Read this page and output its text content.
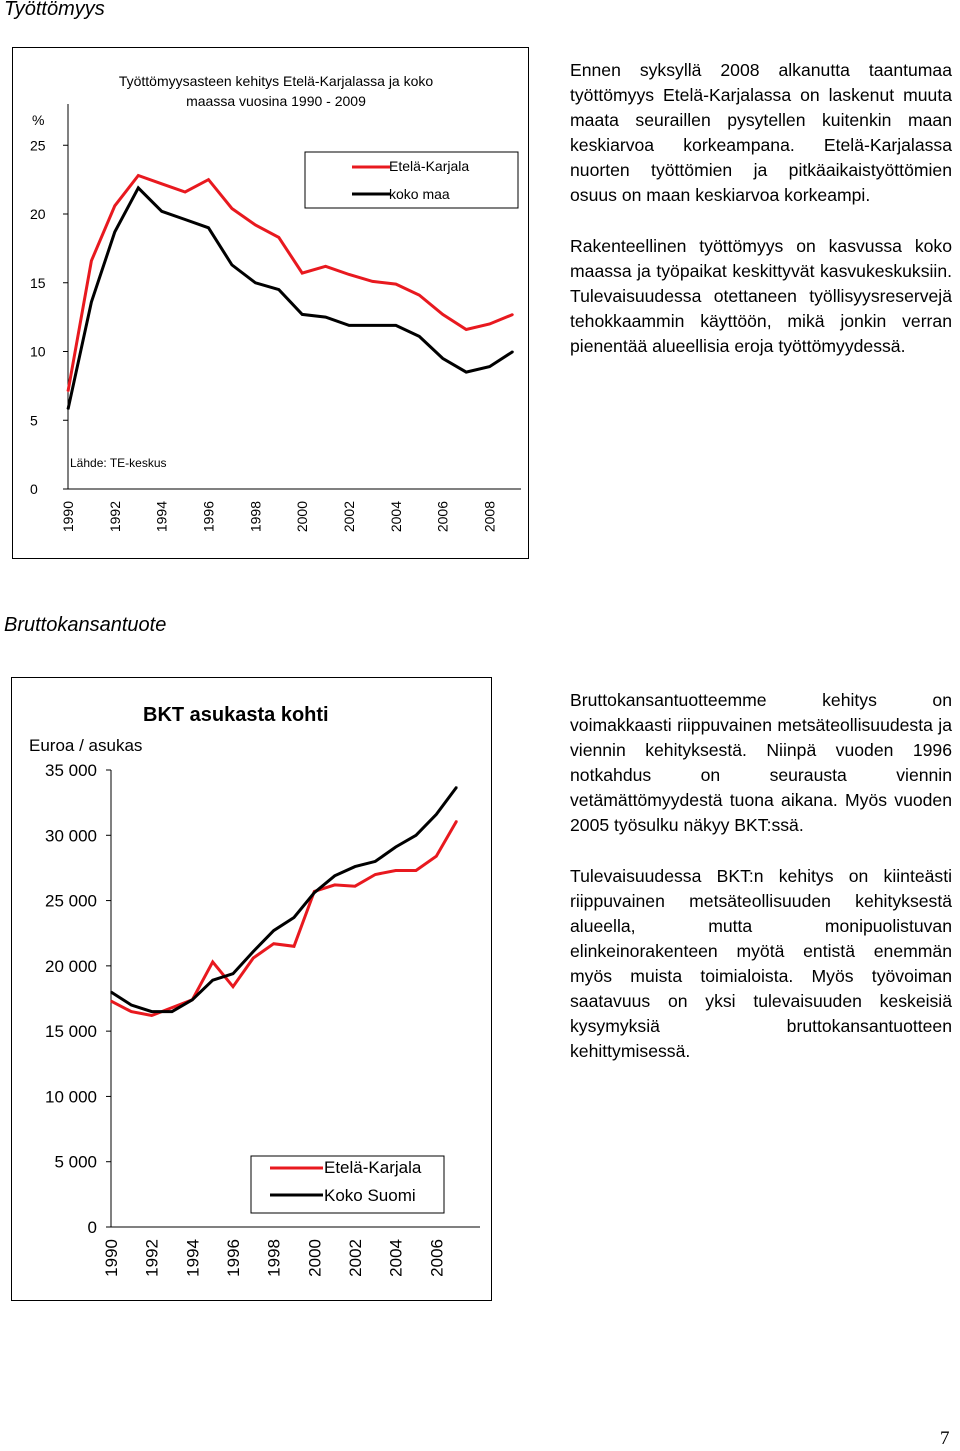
Työttömyys
Työttömyysasteen kehitys Etelä-Karjalassa ja koko
maassa vuosina 1990 - 2009
%
Lähde: TE-keskus
Etelä-Karjala
koko maa
0
5
10
15
20
25
1990 1992 1994 1996 1998 2000 2002 2004 2006 2008

Ennen syksyllä 2008 alkanutta taantumaa työttömyys Etelä-Karjalassa on laskenut muuta maata seuraillen pysytellen kuitenkin maan keskiarvoa korkeampana. Etelä-Karjalassa nuorten työttömien ja pitkäaikaistyöttömien osuus on maan keskiarvoa korkeampi.

Rakenteellinen työttömyys on kasvussa koko maassa ja työpaikat keskittyvät kasvukeskuksiin. Tulevaisuudessa otettaneen työllisyysreservejä tehokkaammin käyttöön, mikä jonkin verran pienentää alueellisia eroja työttömyydessä.

Bruttokansantuote
BKT asukasta kohti
Euroa / asukas
Etelä-Karjala
Koko Suomi
0
5 000
10 000
15 000
20 000
25 000
30 000
35 000
1990 1992 1994 1996 1998 2000 2002 2004 2006

Bruttokansantuotteemme kehitys on voimakkaasti riippuvainen metsäteollisuudesta ja viennin kehityksestä. Niinpä vuoden 1996 notkahdus on seurausta viennin vetämättömyydestä tuona aikana. Myös vuoden 2005 työsulku näkyy BKT:ssä.

Tulevaisuudessa BKT:n kehitys on kiinteästi riippuvainen metsäteollisuuden kehityksestä alueella, mutta monipuolistuvan elinkeinorakenteen myötä entistä enemmän myös muista toimialoista. Myös työvoiman saatavuus on yksi tulevaisuuden keskeisiä kysymyksiä bruttokansantuotteen kehittymisessä.

7
